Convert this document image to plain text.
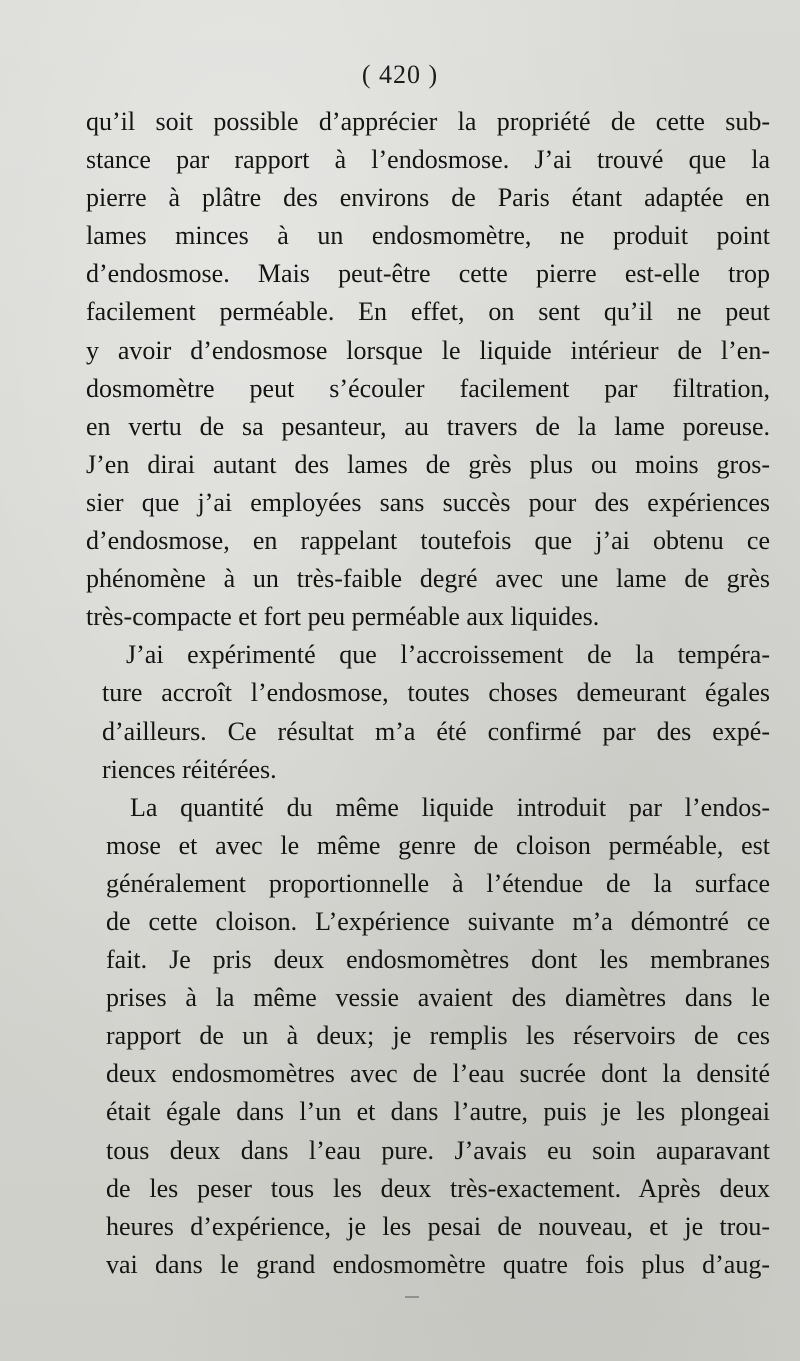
( 420 )
qu’il soit possible d’apprécier la propriété de cette sub-
stance par rapport à l’endosmose. J’ai trouvé que la
pierre à plâtre des environs de Paris étant adaptée en
lames minces à un endosmomètre, ne produit point
d’endosmose. Mais peut-être cette pierre est-elle trop
facilement perméable. En effet, on sent qu’il ne peut
y avoir d’endosmose lorsque le liquide intérieur de l’en-
dosmomètre peut s’écouler facilement par filtration,
en vertu de sa pesanteur, au travers de la lame poreuse.
J’en dirai autant des lames de grès plus ou moins gros-
sier que j’ai employées sans succès pour des expériences
d’endosmose, en rappelant toutefois que j’ai obtenu ce
phénomène à un très-faible degré avec une lame de grès
très-compacte et fort peu perméable aux liquides.
J’ai expérimenté que l’accroissement de la tempéra-
ture accroît l’endosmose, toutes choses demeurant égales
d’ailleurs. Ce résultat m’a été confirmé par des expé-
riences réitérées.
La quantité du même liquide introduit par l’endos-
mose et avec le même genre de cloison perméable, est
généralement proportionnelle à l’étendue de la surface
de cette cloison. L’expérience suivante m’a démontré ce
fait. Je pris deux endosmomètres dont les membranes
prises à la même vessie avaient des diamètres dans le
rapport de un à deux; je remplis les réservoirs de ces
deux endosmomètres avec de l’eau sucrée dont la densité
était égale dans l’un et dans l’autre, puis je les plongeai
tous deux dans l’eau pure. J’avais eu soin auparavant
de les peser tous les deux très-exactement. Après deux
heures d’expérience, je les pesai de nouveau, et je trou-
vai dans le grand endosmomètre quatre fois plus d’aug-
